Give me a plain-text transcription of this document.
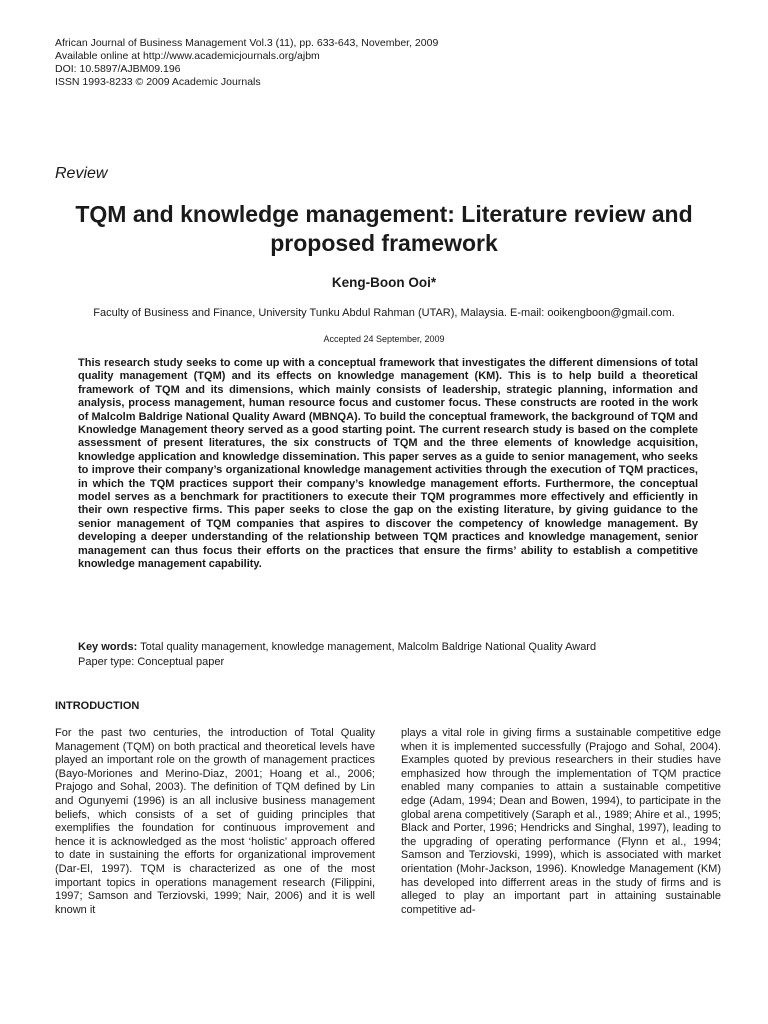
African Journal of Business Management Vol.3 (11), pp. 633-643, November, 2009
Available online at http://www.academicjournals.org/ajbm
DOI: 10.5897/AJBM09.196
ISSN 1993-8233 © 2009 Academic Journals
Review
TQM and knowledge management: Literature review and proposed framework
Keng-Boon Ooi*
Faculty of Business and Finance, University Tunku Abdul Rahman (UTAR), Malaysia. E-mail: ooikengboon@gmail.com.
Accepted 24 September, 2009

This research study seeks to come up with a conceptual framework that investigates the different dimensions of total quality management (TQM) and its effects on knowledge management (KM). This is to help build a theoretical framework of TQM and its dimensions, which mainly consists of leadership, strategic planning, information and analysis, process management, human resource focus and customer focus. These constructs are rooted in the work of Malcolm Baldrige National Quality Award (MBNQA). To build the conceptual framework, the background of TQM and Knowledge Management theory served as a good starting point. The current research study is based on the complete assessment of present literatures, the six constructs of TQM and the three elements of knowledge acquisition, knowledge application and knowledge dissemination. This paper serves as a guide to senior management, who seeks to improve their company’s organizational knowledge management activities through the execution of TQM practices, in which the TQM practices support their company’s knowledge management efforts. Furthermore, the conceptual model serves as a benchmark for practitioners to execute their TQM programmes more effectively and efficiently in their own respective firms. This paper seeks to close the gap on the existing literature, by giving guidance to the senior management of TQM companies that aspires to discover the competency of knowledge management. By developing a deeper understanding of the relationship between TQM practices and knowledge management, senior management can thus focus their efforts on the practices that ensure the firms’ ability to establish a competitive knowledge management capability.

Key words: Total quality management, knowledge management, Malcolm Baldrige National Quality Award
Paper type: Conceptual paper
INTRODUCTION

For the past two centuries, the introduction of Total Quality Management (TQM) on both practical and theoretical levels have played an important role on the growth of management practices (Bayo-Moriones and Merino-Diaz, 2001; Hoang et al., 2006; Prajogo and Sohal, 2003). The definition of TQM defined by Lin and Ogunyemi (1996) is an all inclusive business management beliefs, which consists of a set of guiding principles that exemplifies the foundation for continuous improvement and hence it is acknowledged as the most ‘holistic’ approach offered to date in sustaining the efforts for organizational improvement (Dar-El, 1997). TQM is characterized as one of the most important topics in operations management research (Filippini, 1997; Samson and Terziovski, 1999; Nair, 2006) and it is well known it

plays a vital role in giving firms a sustainable competitive edge when it is implemented successfully (Prajogo and Sohal, 2004). Examples quoted by previous researchers in their studies have emphasized how through the implementation of TQM practice enabled many companies to attain a sustainable competitive edge (Adam, 1994; Dean and Bowen, 1994), to participate in the global arena competitively (Saraph et al., 1989; Ahire et al., 1995; Black and Porter, 1996; Hendricks and Singhal, 1997), leading to the upgrading of operating performance (Flynn et al., 1994; Samson and Terziovski, 1999), which is associated with market orientation (Mohr-Jackson, 1996). Knowledge Management (KM) has developed into differrent areas in the study of firms and is alleged to play an important part in attaining sustainable competitive ad-
